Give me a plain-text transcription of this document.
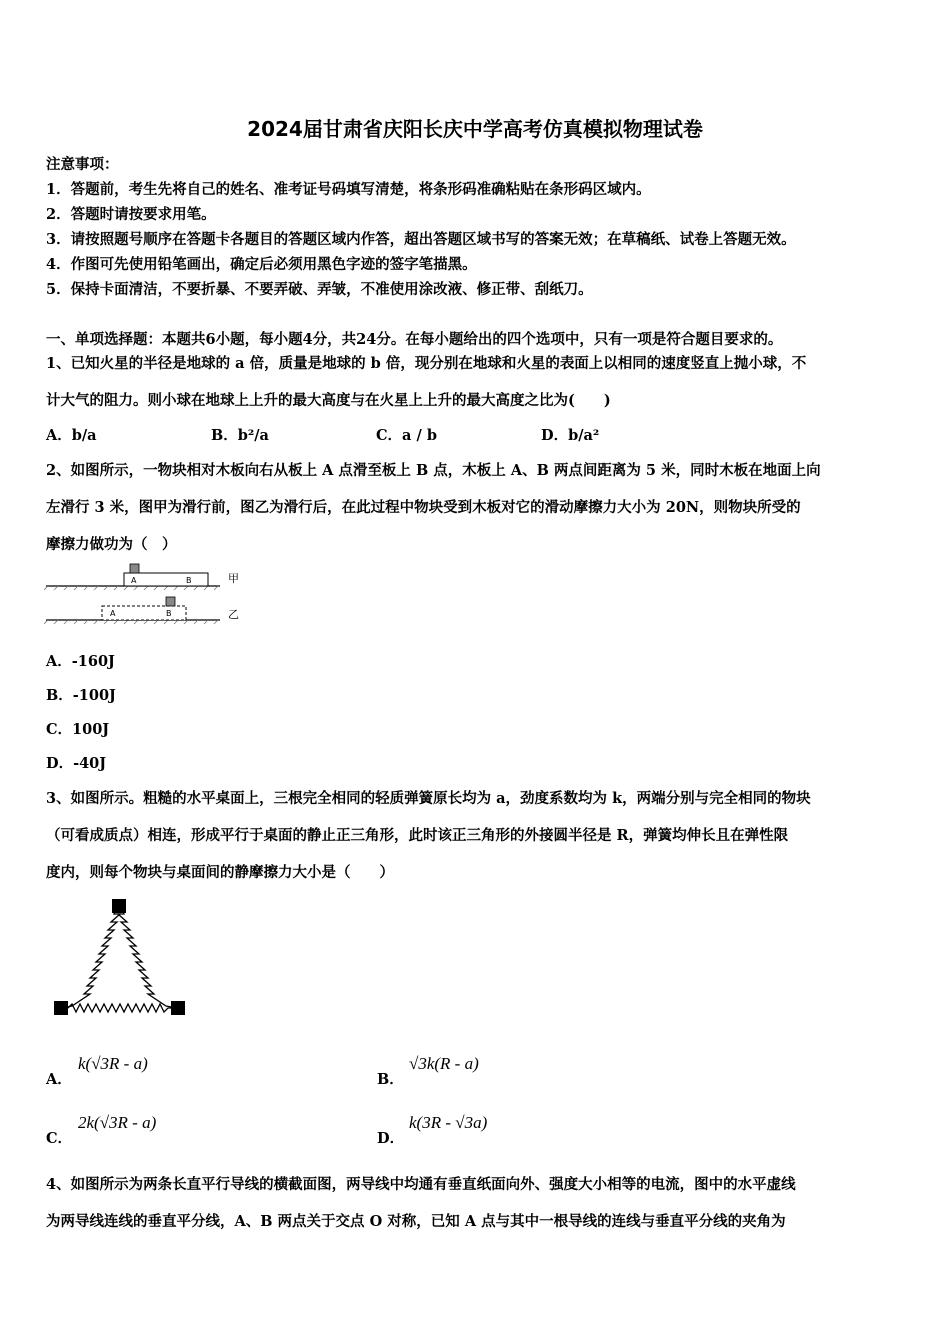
2024届甘肃省庆阳长庆中学高考仿真模拟物理试卷
注意事项：
1．答题前，考生先将自己的姓名、准考证号码填写清楚，将条形码准确粘贴在条形码区域内。
2．答题时请按要求用笔。
3．请按照题号顺序在答题卡各题目的答题区域内作答，超出答题区域书写的答案无效；在草稿纸、试卷上答题无效。
4．作图可先使用铅笔画出，确定后必须用黑色字迹的签字笔描黑。
5．保持卡面清洁，不要折暴、不要弄破、弄皱，不准使用涂改液、修正带、刮纸刀。
一、单项选择题：本题共6小题，每小题4分，共24分。在每小题给出的四个选项中，只有一项是符合题目要求的。
1、已知火星的半径是地球的 a 倍，质量是地球的 b 倍，现分别在地球和火星的表面上以相同的速度竖直上抛小球，不
计大气的阻力。则小球在地球上上升的最大高度与在火星上上升的最大高度之比为(　　)
A．b/a	B．b²/a	C．a / b	D．b/a²
2、如图所示，一物块相对木板向右从板上 A 点滑至板上 B 点，木板上 A、B 两点间距离为 5 米，同时木板在地面上向
左滑行 3 米，图甲为滑行前，图乙为滑行后，在此过程中物块受到木板对它的滑动摩擦力大小为 20N，则物块所受的
摩擦力做功为（　）
A	B	甲
A	B	乙
A．-160J
B．-100J
C．100J
D．-40J
3、如图所示。粗糙的水平桌面上，三根完全相同的轻质弹簧原长均为 a，劲度系数均为 k，两端分别与完全相同的物块
（可看成质点）相连，形成平行于桌面的静止正三角形，此时该正三角形的外接圆半径是 R，弹簧均伸长且在弹性限
度内，则每个物块与桌面间的静摩擦力大小是（　　）
A．
k(√3R - a)
B．
√3k(R - a)
C．
2k(√3R - a)
D．
k(3R - √3a)
4、如图所示为两条长直平行导线的横截面图，两导线中均通有垂直纸面向外、强度大小相等的电流，图中的水平虚线
为两导线连线的垂直平分线，A、B 两点关于交点 O 对称，已知 A 点与其中一根导线的连线与垂直平分线的夹角为
